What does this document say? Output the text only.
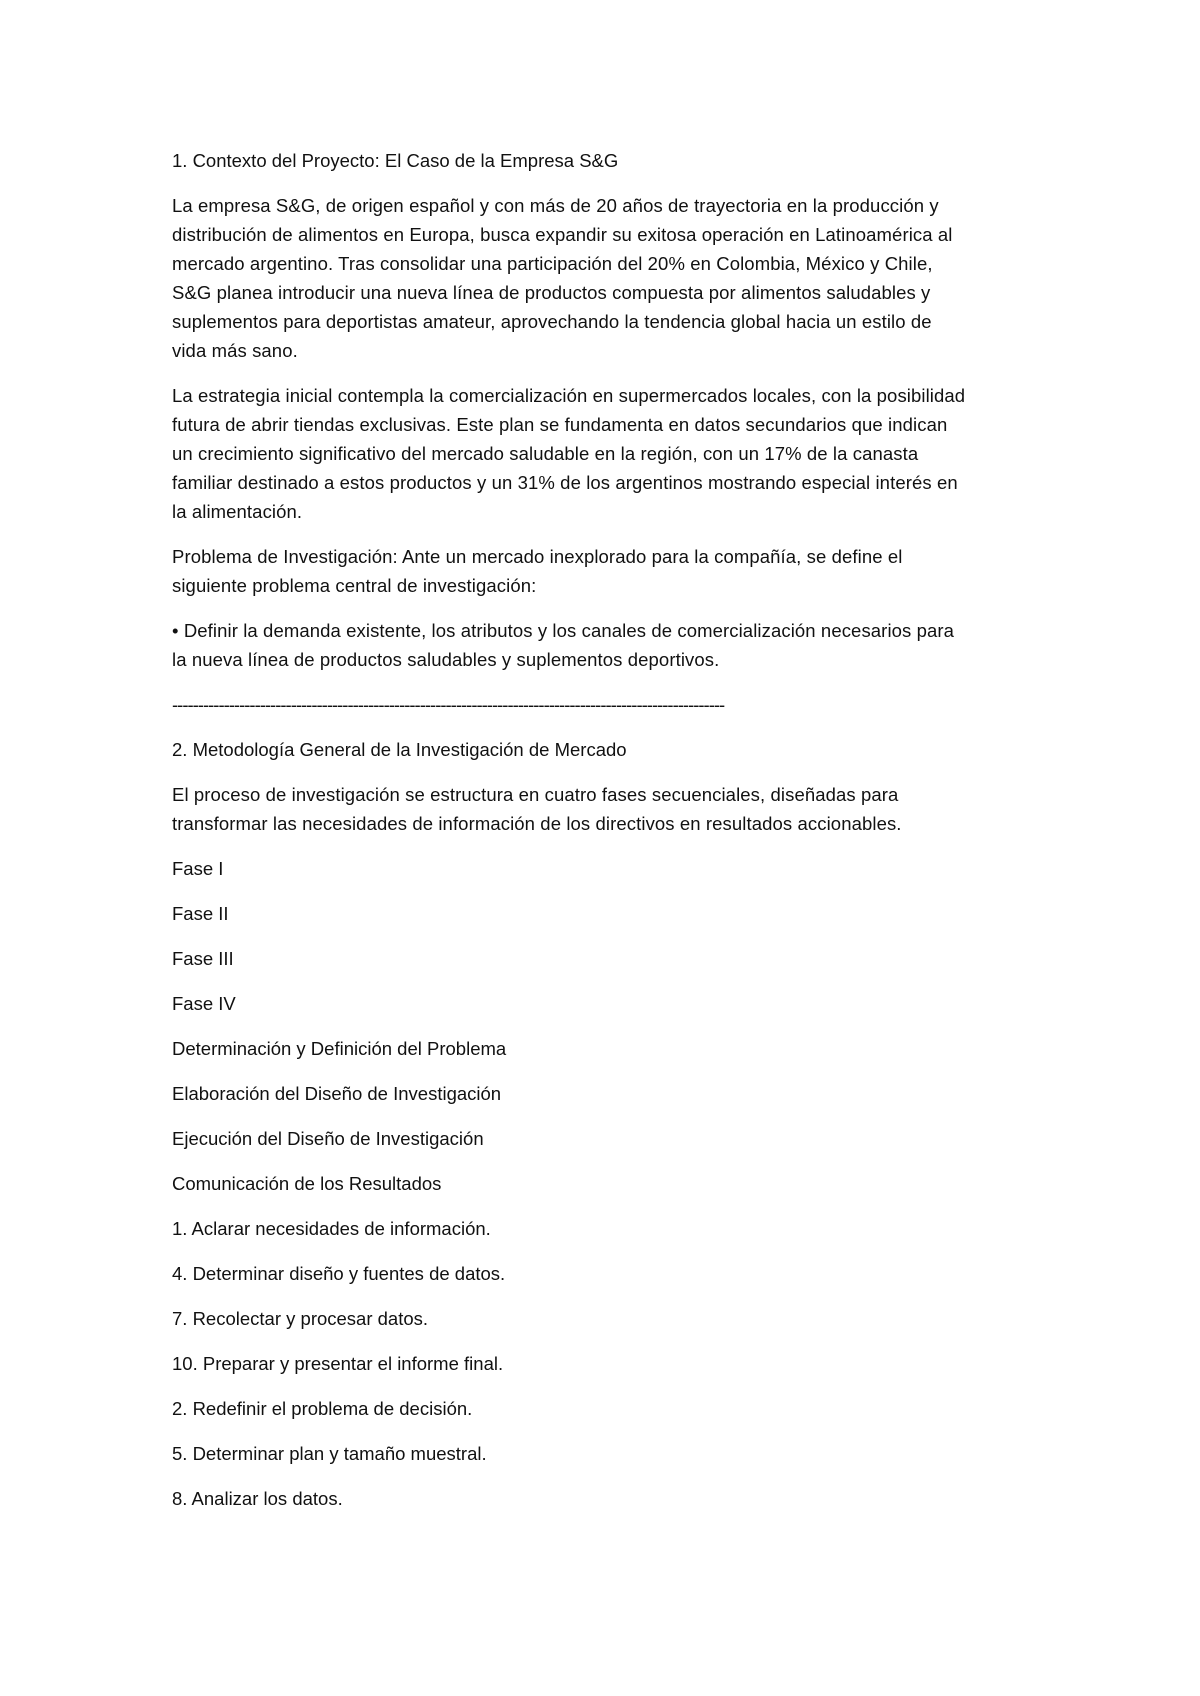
1. Contexto del Proyecto: El Caso de la Empresa S&G
La empresa S&G, de origen español y con más de 20 años de trayectoria en la producción y
distribución de alimentos en Europa, busca expandir su exitosa operación en Latinoamérica al
mercado argentino. Tras consolidar una participación del 20% en Colombia, México y Chile,
S&G planea introducir una nueva línea de productos compuesta por alimentos saludables y
suplementos para deportistas amateur, aprovechando la tendencia global hacia un estilo de
vida más sano.
La estrategia inicial contempla la comercialización en supermercados locales, con la posibilidad
futura de abrir tiendas exclusivas. Este plan se fundamenta en datos secundarios que indican
un crecimiento significativo del mercado saludable en la región, con un 17% de la canasta
familiar destinado a estos productos y un 31% de los argentinos mostrando especial interés en
la alimentación.
Problema de Investigación: Ante un mercado inexplorado para la compañía, se define el
siguiente problema central de investigación:
• Definir la demanda existente, los atributos y los canales de comercialización necesarios para
la nueva línea de productos saludables y suplementos deportivos.
-----------------------------------------------------------------------------------------------------------
2. Metodología General de la Investigación de Mercado
El proceso de investigación se estructura en cuatro fases secuenciales, diseñadas para
transformar las necesidades de información de los directivos en resultados accionables.
Fase I
Fase II
Fase III
Fase IV
Determinación y Definición del Problema
Elaboración del Diseño de Investigación
Ejecución del Diseño de Investigación
Comunicación de los Resultados
1. Aclarar necesidades de información.
4. Determinar diseño y fuentes de datos.
7. Recolectar y procesar datos.
10. Preparar y presentar el informe final.
2. Redefinir el problema de decisión.
5. Determinar plan y tamaño muestral.
8. Analizar los datos.
